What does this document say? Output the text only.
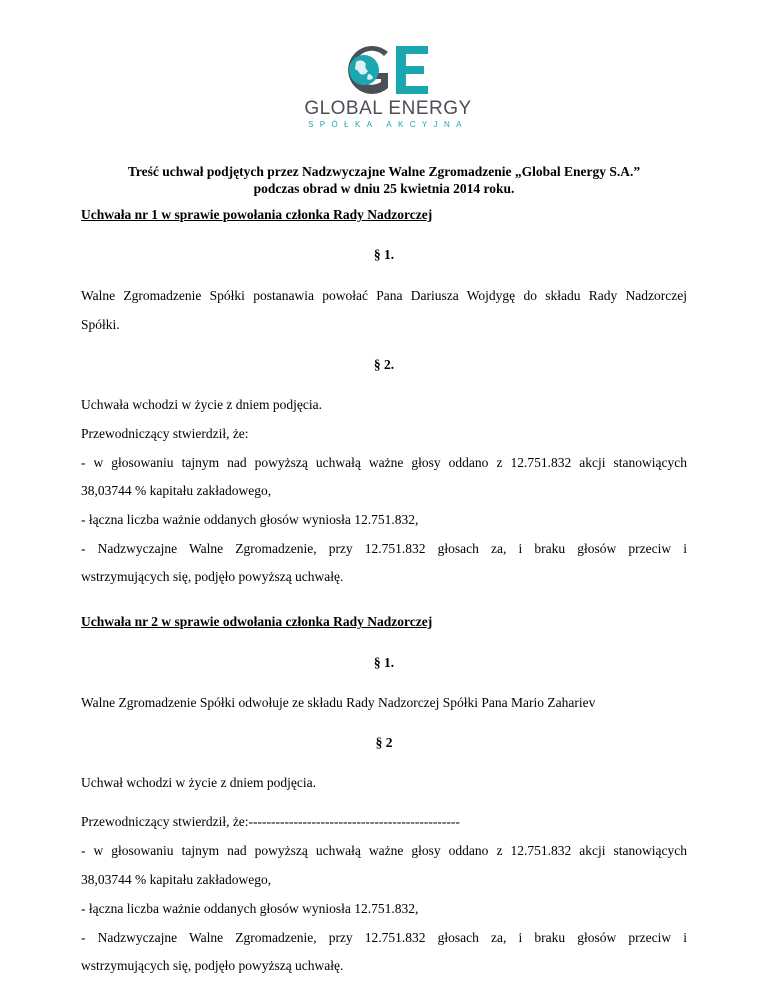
GLOBAL ENERGY
SPÓŁKA AKCYJNA
Treść uchwał podjętych przez Nadzwyczajne Walne Zgromadzenie „Global Energy S.A.”
podczas obrad w dniu 25 kwietnia 2014 roku.
Uchwała nr 1 w sprawie powołania członka Rady Nadzorczej
§ 1.
Walne Zgromadzenie Spółki postanawia powołać Pana Dariusza Wojdygę do składu Rady Nadzorczej
Spółki.
§ 2.
Uchwała wchodzi w życie z dniem podjęcia.
Przewodniczący stwierdził, że:
- w głosowaniu tajnym nad powyższą uchwałą ważne głosy oddano z 12.751.832 akcji stanowiących
38,03744 % kapitału zakładowego,
- łączna liczba ważnie oddanych głosów wyniosła 12.751.832,
- Nadzwyczajne Walne Zgromadzenie, przy 12.751.832 głosach za, i braku głosów przeciw i
wstrzymujących się, podjęło powyższą uchwałę.
Uchwała nr 2 w sprawie odwołania członka Rady Nadzorczej
§ 1.
Walne Zgromadzenie Spółki odwołuje ze składu Rady Nadzorczej Spółki Pana Mario Zahariev
§ 2
Uchwał wchodzi w życie z dniem podjęcia.
Przewodniczący stwierdził, że:-----------------------------------------------
- w głosowaniu tajnym nad powyższą uchwałą ważne głosy oddano z 12.751.832 akcji stanowiących
38,03744 % kapitału zakładowego,
- łączna liczba ważnie oddanych głosów wyniosła 12.751.832,
- Nadzwyczajne Walne Zgromadzenie, przy 12.751.832 głosach za, i braku głosów przeciw i
wstrzymujących się, podjęło powyższą uchwałę.
